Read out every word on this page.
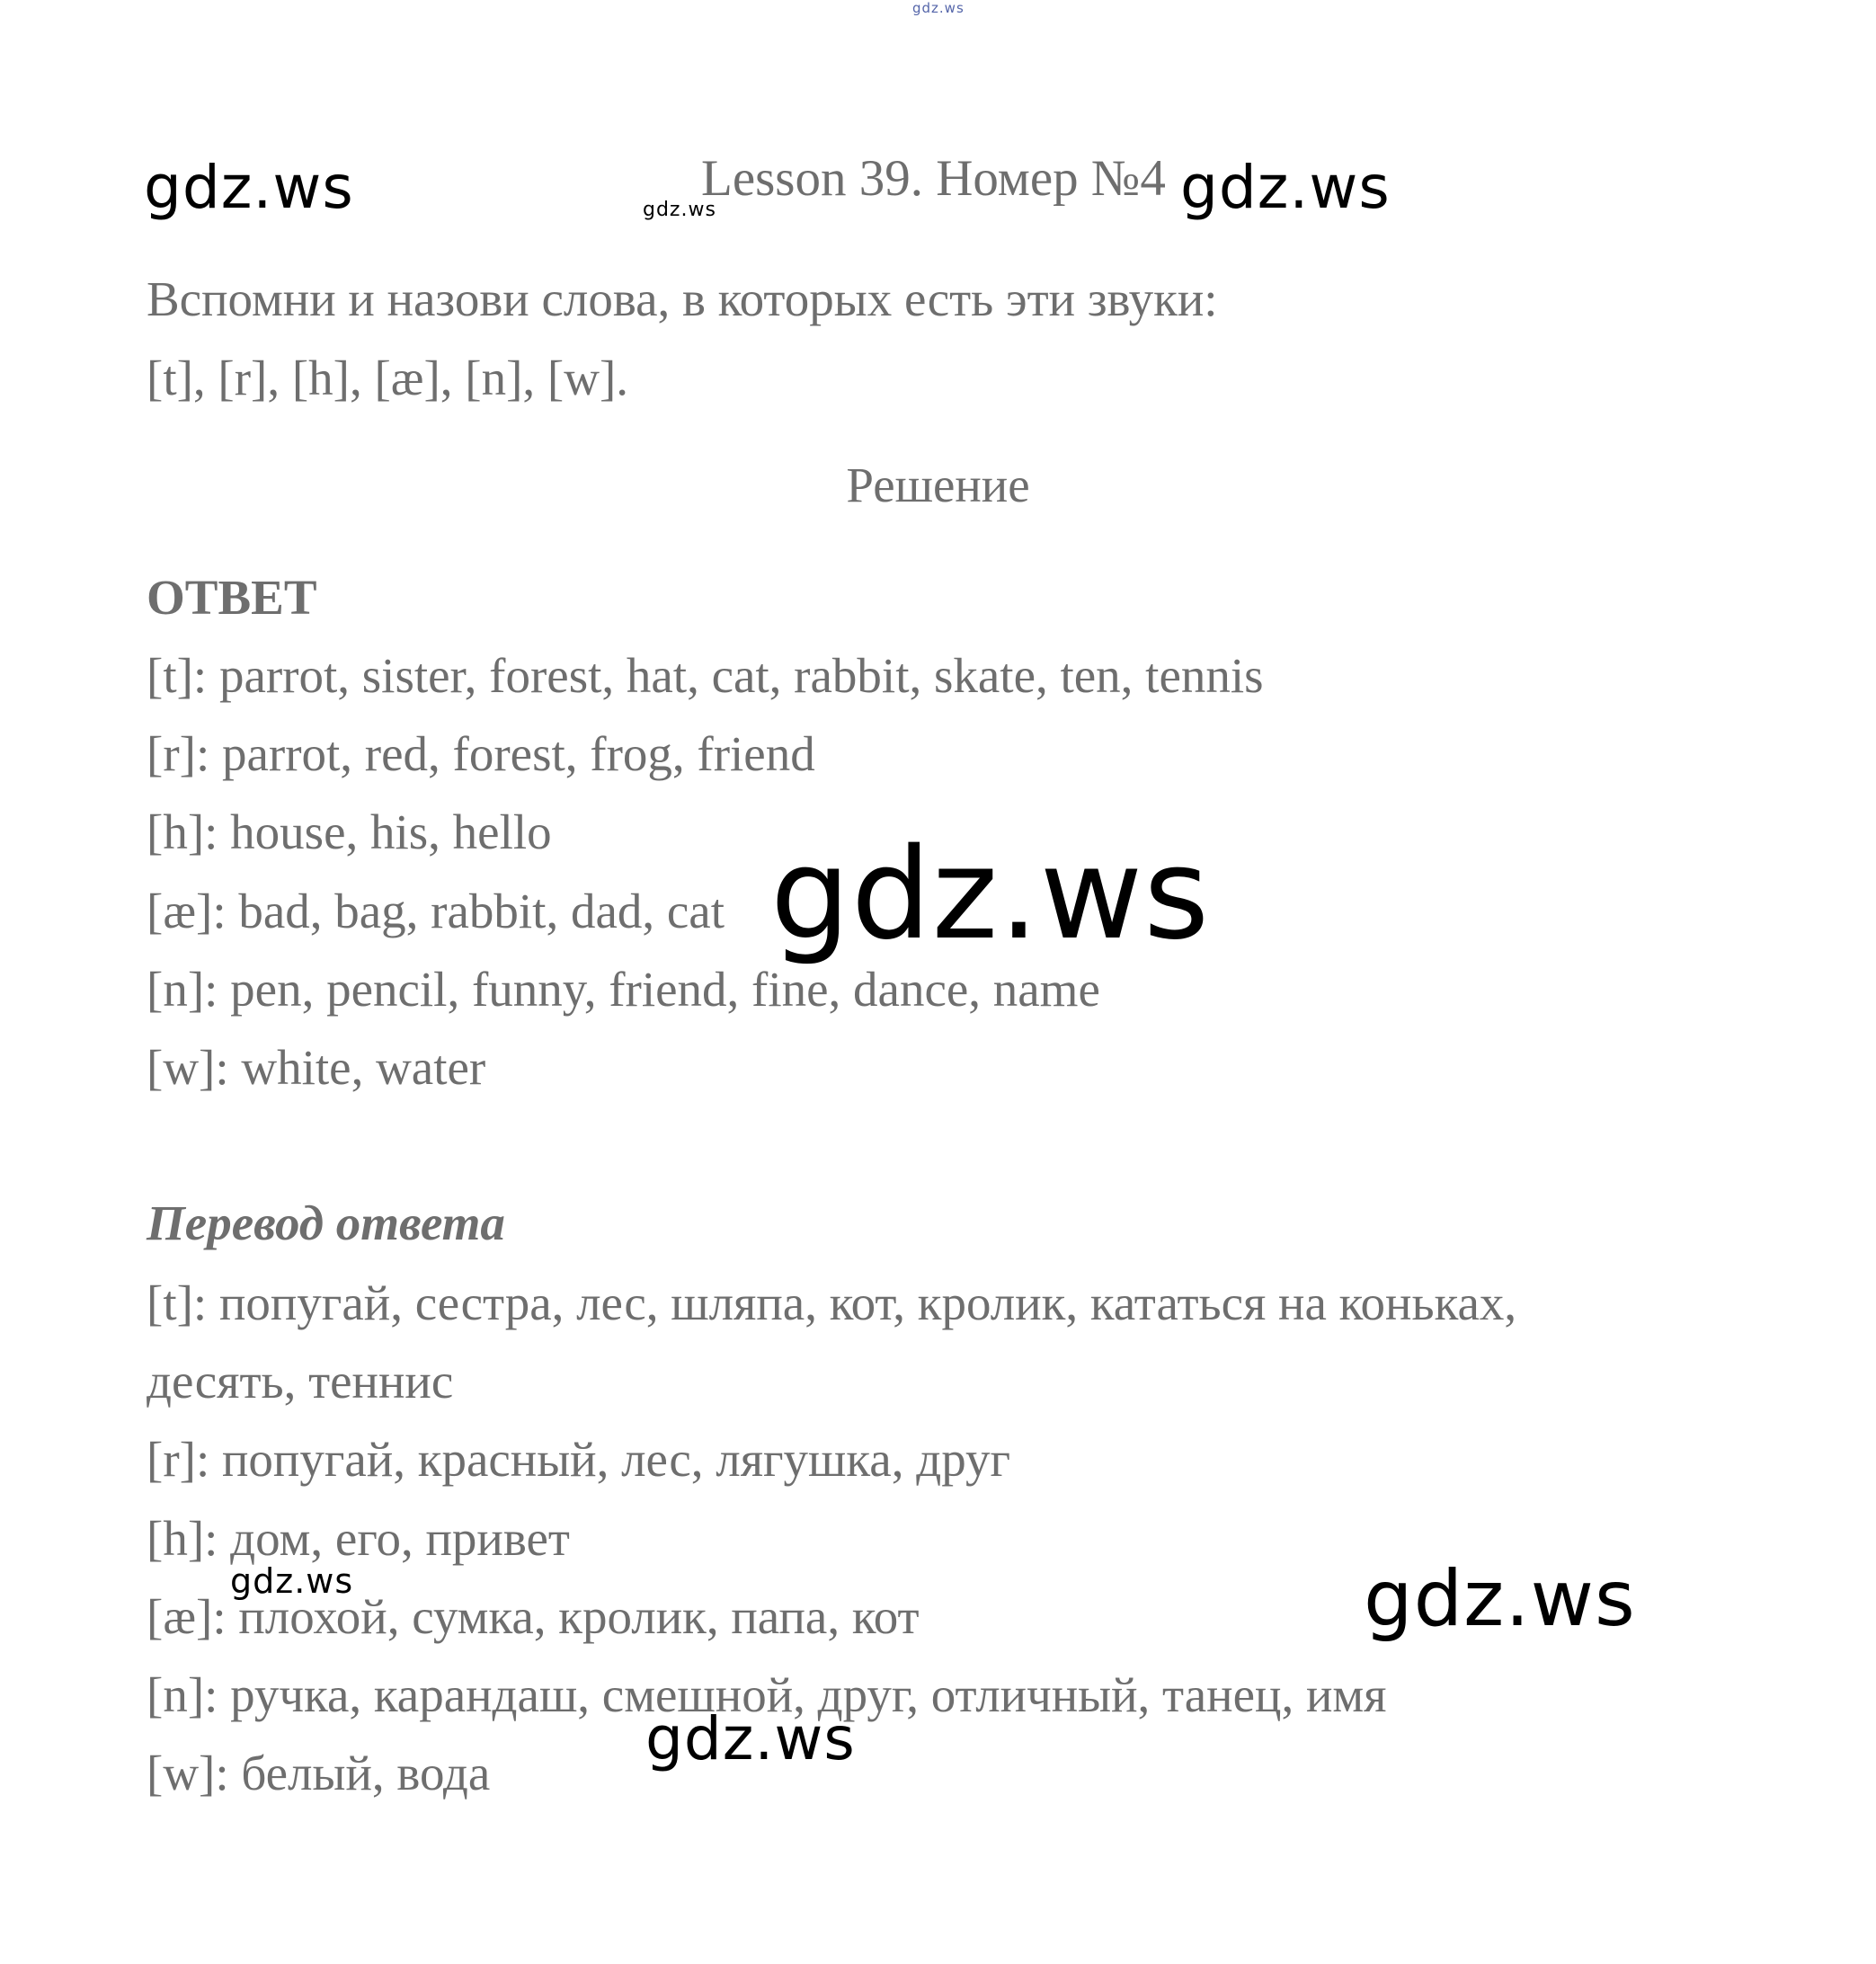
Lesson 39. Номер №4
Вспомни и назови слова, в которых есть эти звуки:
[t], [r], [h], [æ], [n], [w].
Решение
ОТВЕТ
[t]: parrot, sister, forest, hat, cat, rabbit, skate, ten, tennis
[r]: parrot, red, forest, frog, friend
[h]: house, his, hello
[æ]: bad, bag, rabbit, dad, cat
[n]: pen, pencil, funny, friend, fine, dance, name
[w]: white, water
Перевод ответа
[t]: попугай, сестра, лес, шляпа, кот, кролик, кататься на коньках,
десять, теннис
[r]: попугай, красный, лес, лягушка, друг
[h]: дом, его, привет
[æ]: плохой, сумка, кролик, папа, кот
[n]: ручка, карандаш, смешной, друг, отличный, танец, имя
[w]: белый, вода
gdz.ws
gdz.ws	gdz.ws
gdz.ws
gdz.ws
gdz.ws
gdz.ws
gdz.ws
